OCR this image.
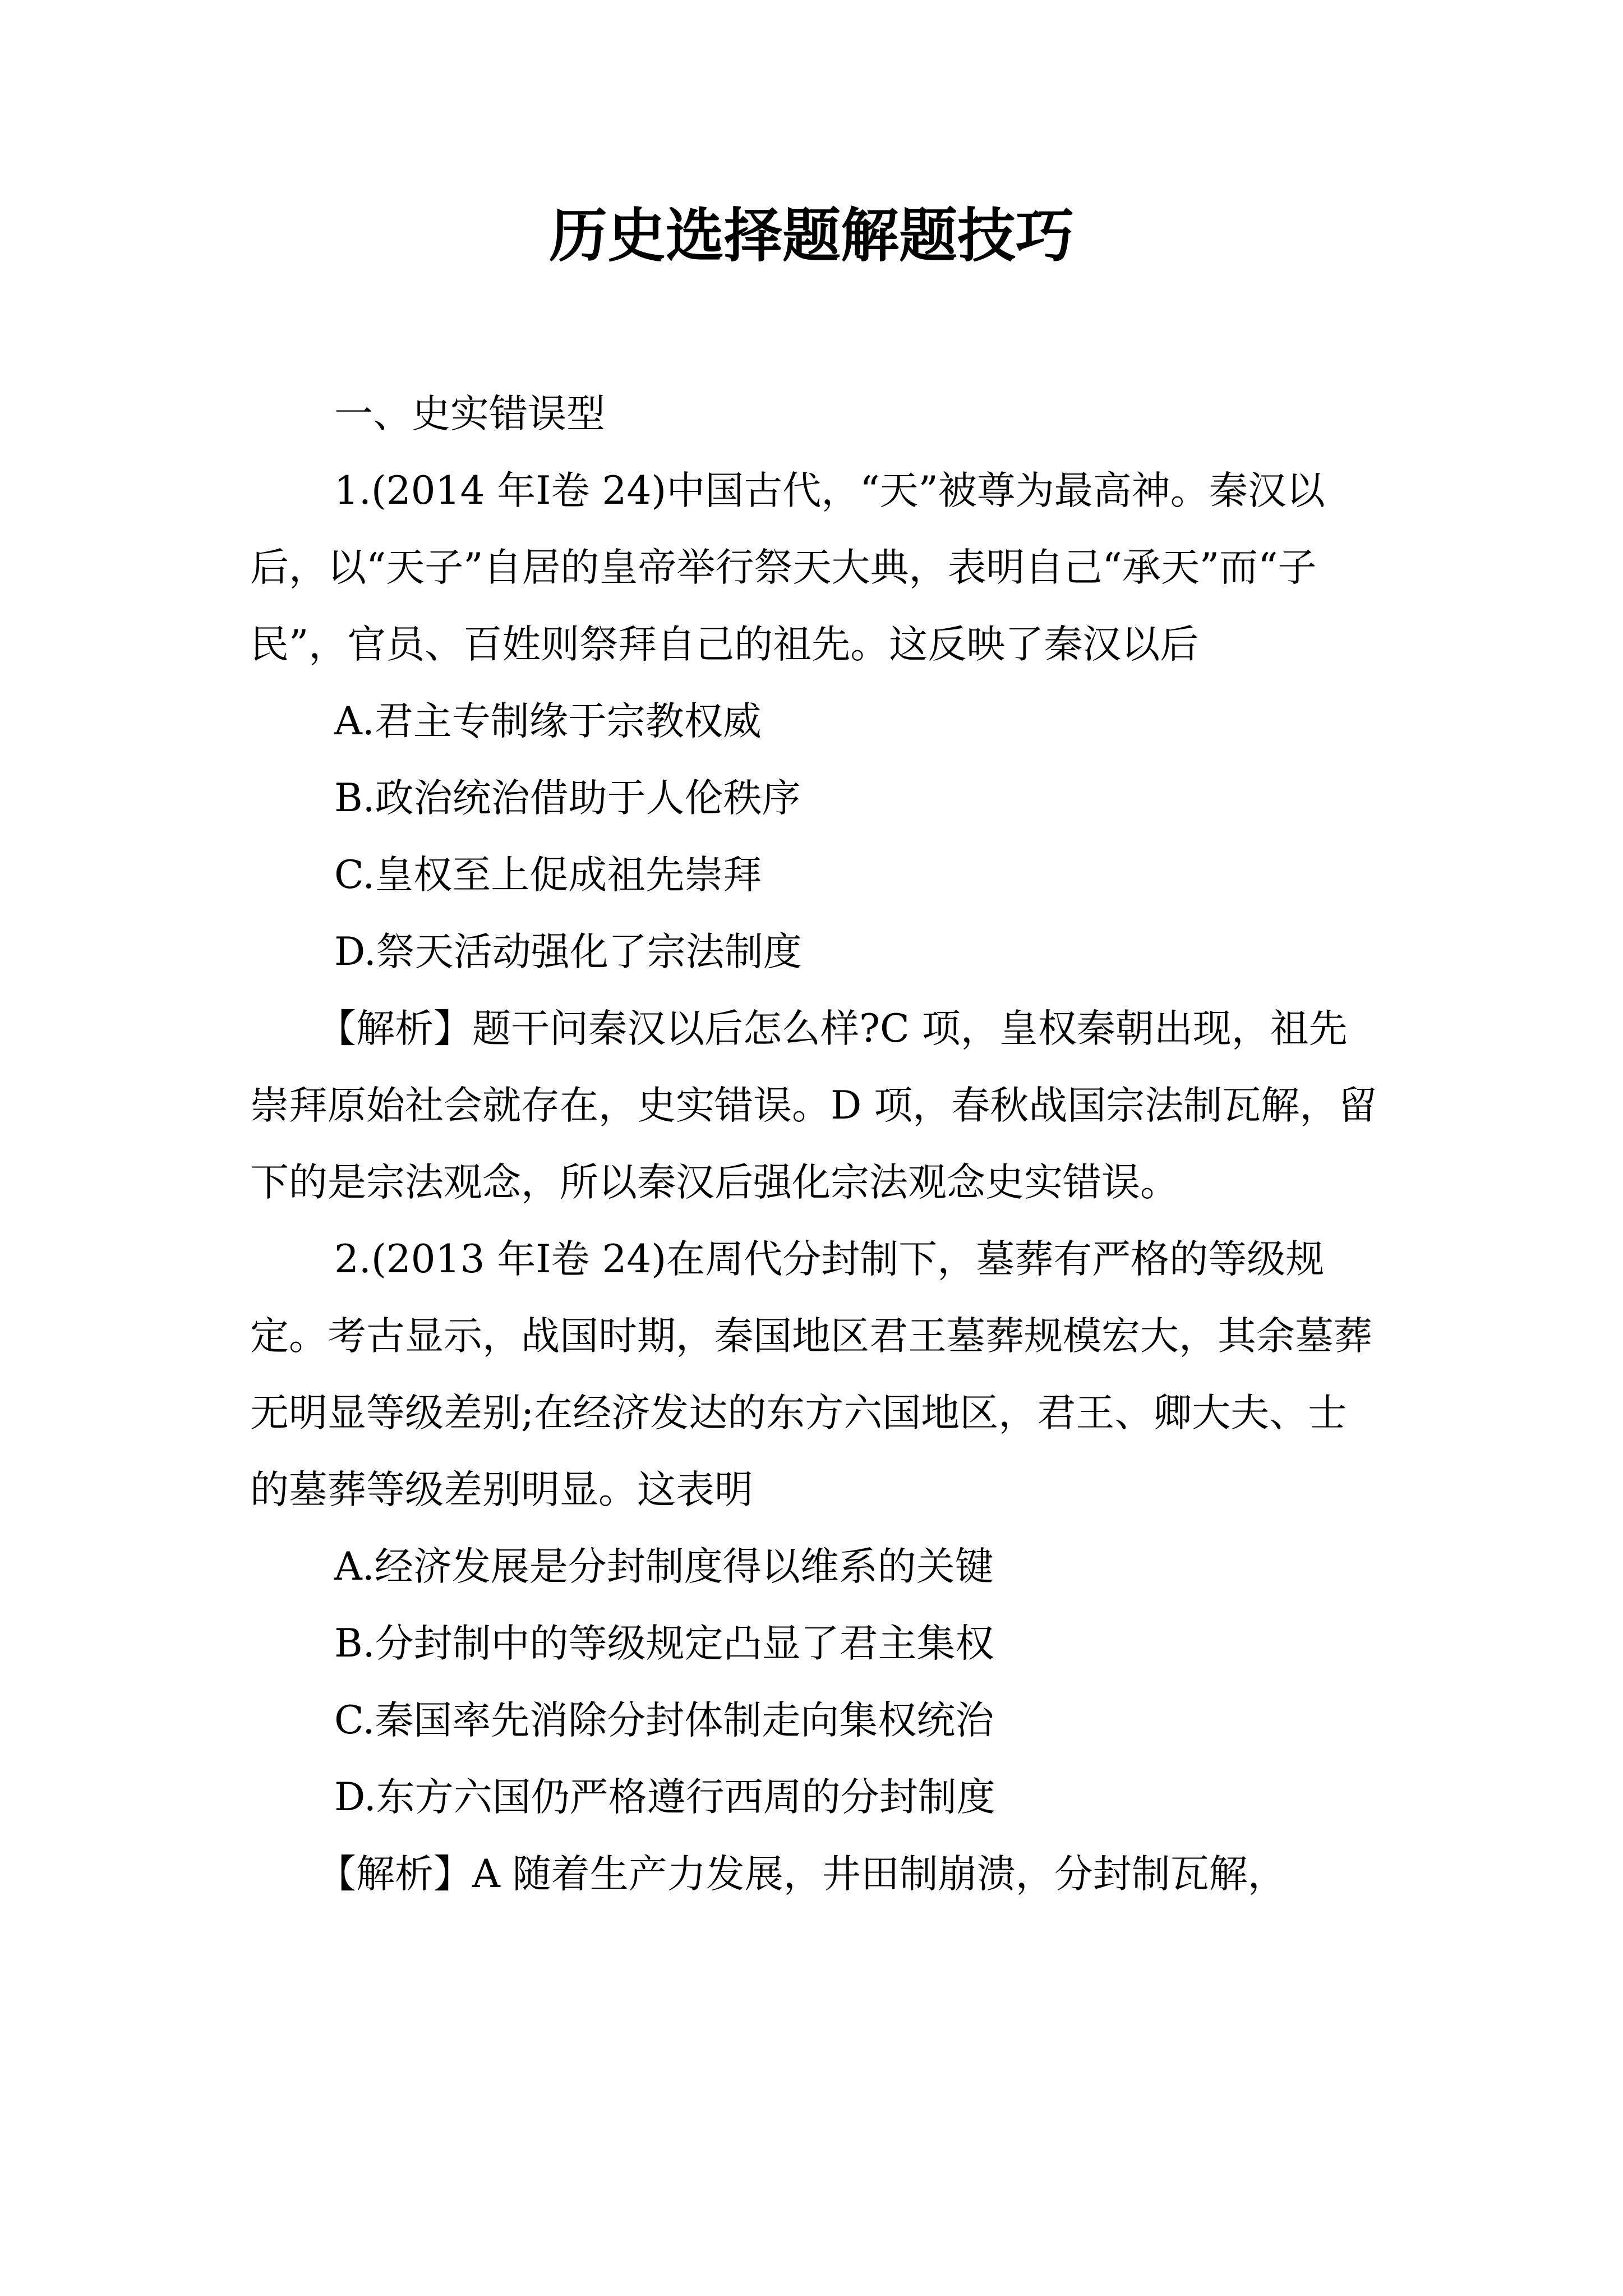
历史选择题解题技巧

一、史实错误型

1.(2014 年Ⅰ卷 24)中国古代，“天”被尊为最高神。秦汉以后，以“天子”自居的皇帝举行祭天大典，表明自己“承天”而“子民”，官员、百姓则祭拜自己的祖先。这反映了秦汉以后

A.君主专制缘于宗教权威

B.政治统治借助于人伦秩序

C.皇权至上促成祖先崇拜

D.祭天活动强化了宗法制度

【解析】题干问秦汉以后怎么样?C 项，皇权秦朝出现，祖先崇拜原始社会就存在，史实错误。D 项，春秋战国宗法制瓦解，留下的是宗法观念，所以秦汉后强化宗法观念史实错误。

2.(2013 年Ⅰ卷 24)在周代分封制下，墓葬有严格的等级规定。考古显示，战国时期，秦国地区君王墓葬规模宏大，其余墓葬无明显等级差别;在经济发达的东方六国地区，君王、卿大夫、士的墓葬等级差别明显。这表明

A.经济发展是分封制度得以维系的关键

B.分封制中的等级规定凸显了君主集权

C.秦国率先消除分封体制走向集权统治

D.东方六国仍严格遵行西周的分封制度

【解析】A 随着生产力发展，井田制崩溃，分封制瓦解，
